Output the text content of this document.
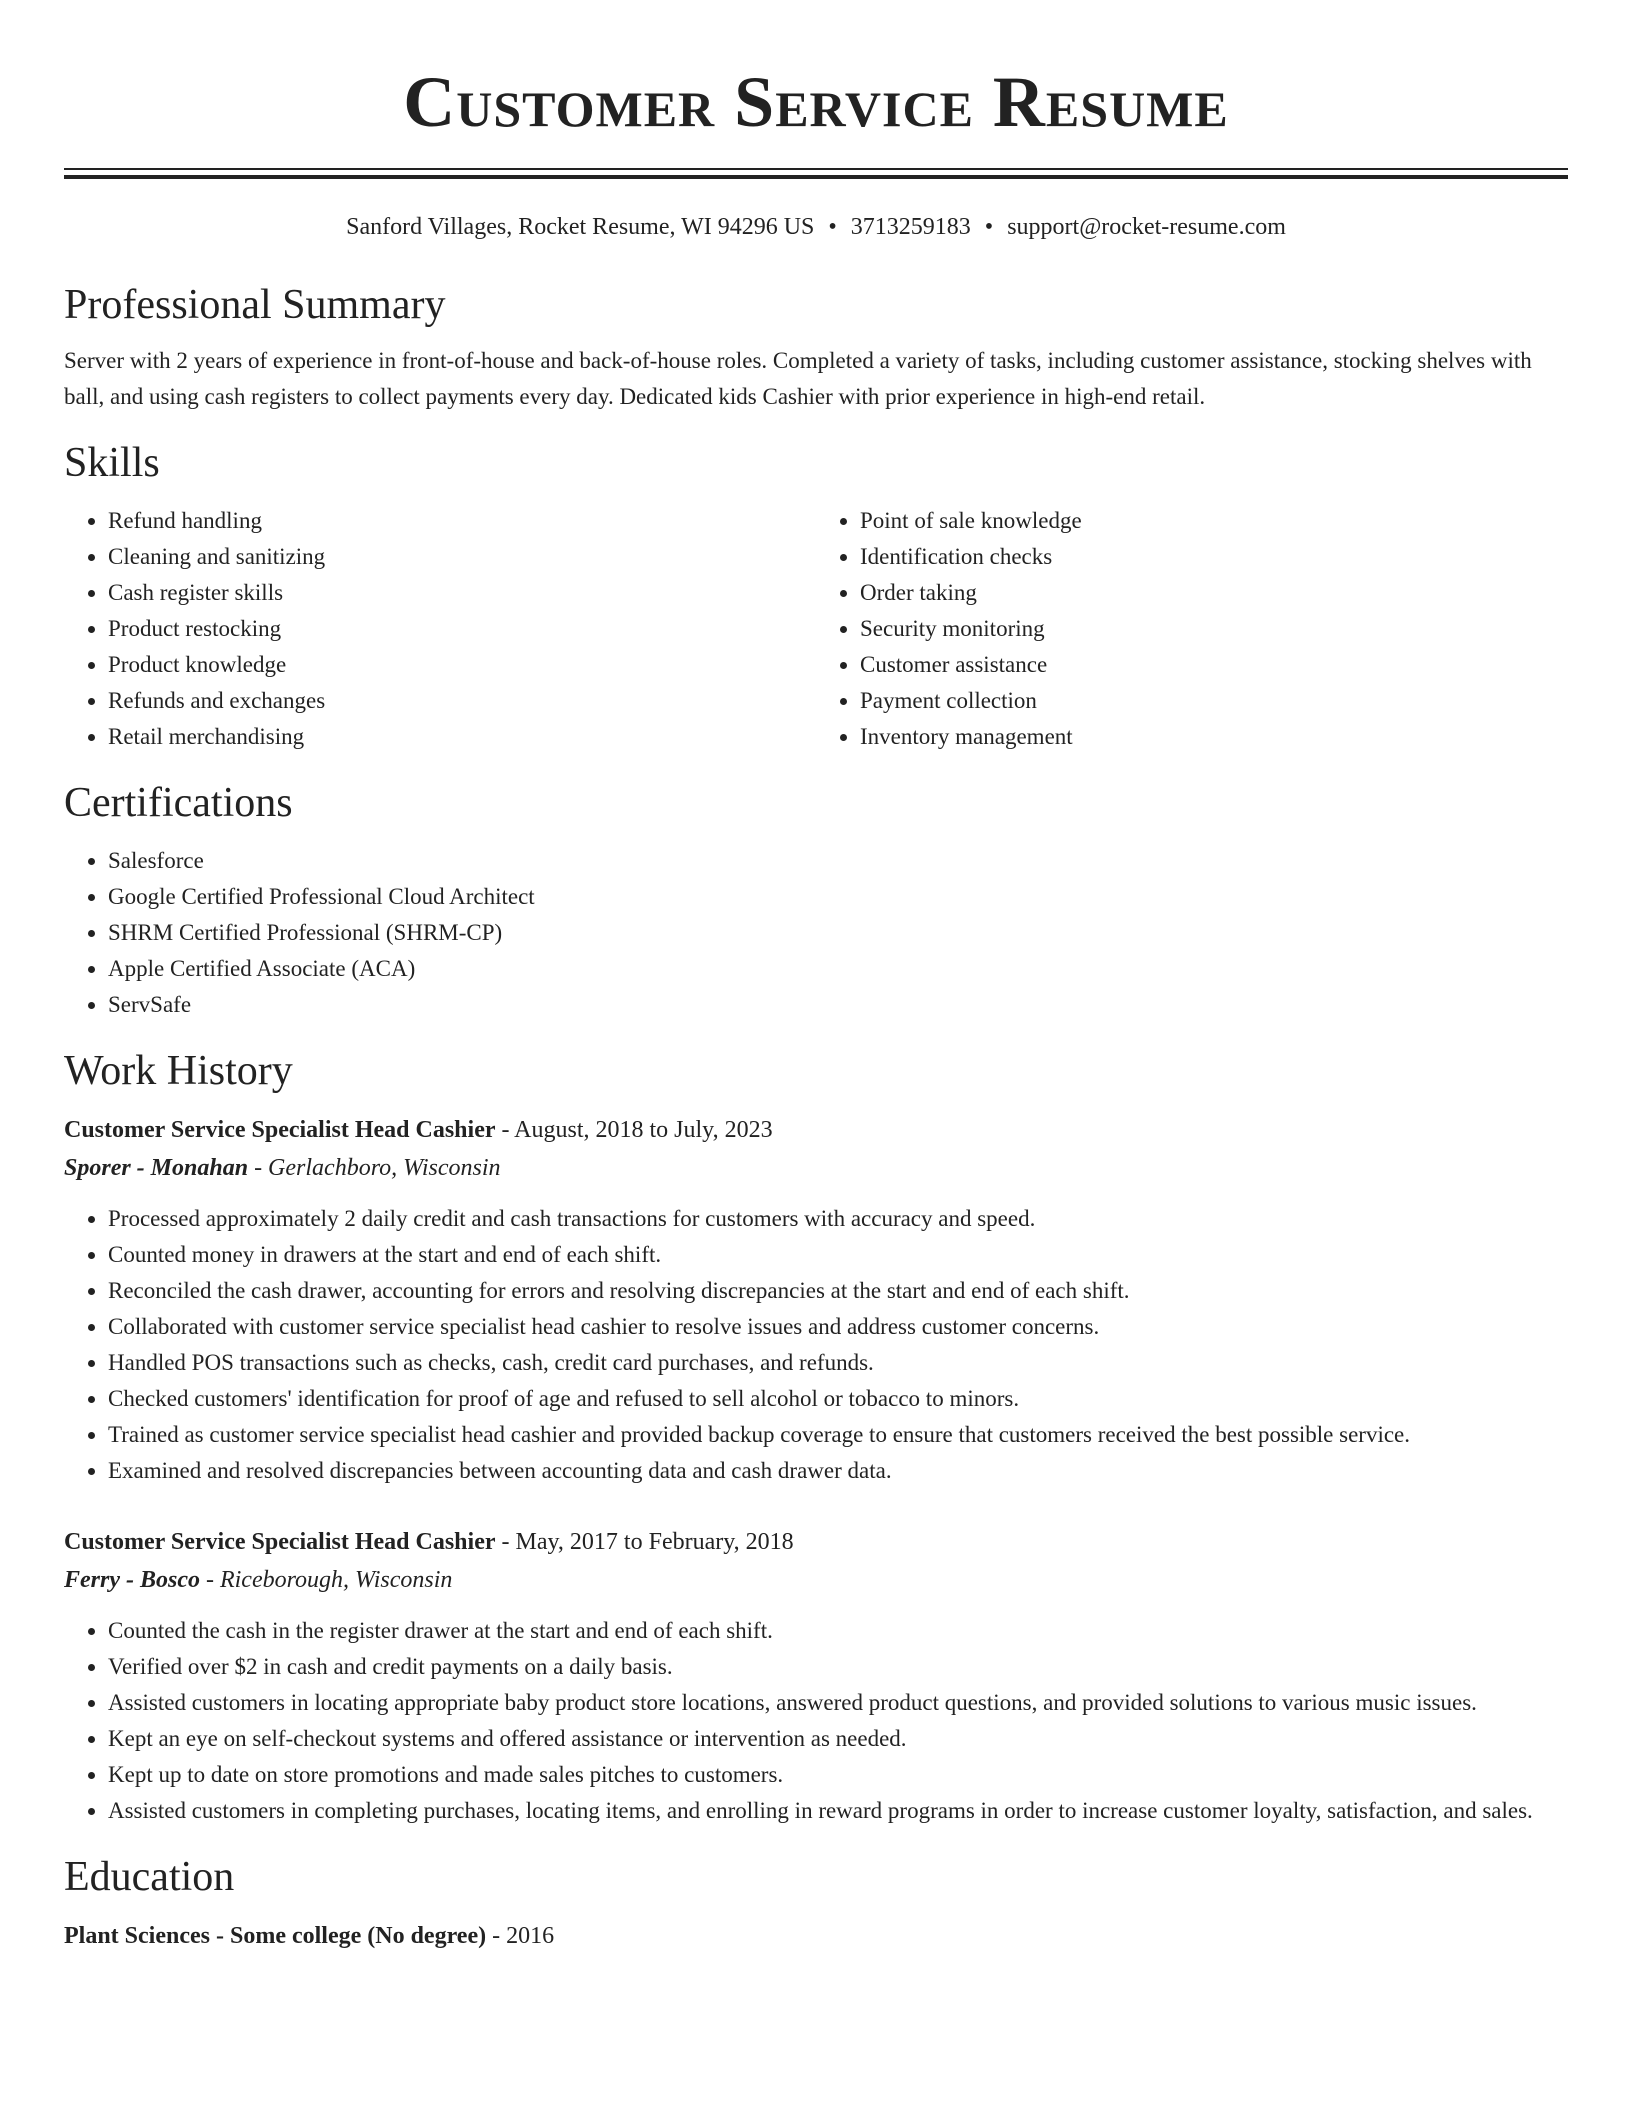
Customer Service Resume
Sanford Villages, Rocket Resume, WI 94296 US • 3713259183 • support@rocket-resume.com
Professional Summary

Server with 2 years of experience in front-of-house and back-of-house roles. Completed a variety of tasks, including customer assistance, stocking shelves with ball, and using cash registers to collect payments every day. Dedicated kids Cashier with prior experience in high-end retail.

Skills
• Refund handling
• Cleaning and sanitizing
• Cash register skills
• Product restocking
• Product knowledge
• Refunds and exchanges
• Retail merchandising
• Point of sale knowledge
• Identification checks
• Order taking
• Security monitoring
• Customer assistance
• Payment collection
• Inventory management
Certifications
• Salesforce
• Google Certified Professional Cloud Architect
• SHRM Certified Professional (SHRM-CP)
• Apple Certified Associate (ACA)
• ServSafe
Work History

Customer Service Specialist Head Cashier - August, 2018 to July, 2023

Sporer - Monahan - Gerlachboro, Wisconsin

• Processed approximately 2 daily credit and cash transactions for customers with accuracy and speed.
• Counted money in drawers at the start and end of each shift.
• Reconciled the cash drawer, accounting for errors and resolving discrepancies at the start and end of each shift.
• Collaborated with customer service specialist head cashier to resolve issues and address customer concerns.
• Handled POS transactions such as checks, cash, credit card purchases, and refunds.
• Checked customers' identification for proof of age and refused to sell alcohol or tobacco to minors.
• Trained as customer service specialist head cashier and provided backup coverage to ensure that customers received the best possible service.
• Examined and resolved discrepancies between accounting data and cash drawer data.

Customer Service Specialist Head Cashier - May, 2017 to February, 2018

Ferry - Bosco - Riceborough, Wisconsin

• Counted the cash in the register drawer at the start and end of each shift.
• Verified over $2 in cash and credit payments on a daily basis.
• Assisted customers in locating appropriate baby product store locations, answered product questions, and provided solutions to various music issues.
• Kept an eye on self-checkout systems and offered assistance or intervention as needed.
• Kept up to date on store promotions and made sales pitches to customers.
• Assisted customers in completing purchases, locating items, and enrolling in reward programs in order to increase customer loyalty, satisfaction, and sales.
Education

Plant Sciences - Some college (No degree) - 2016
